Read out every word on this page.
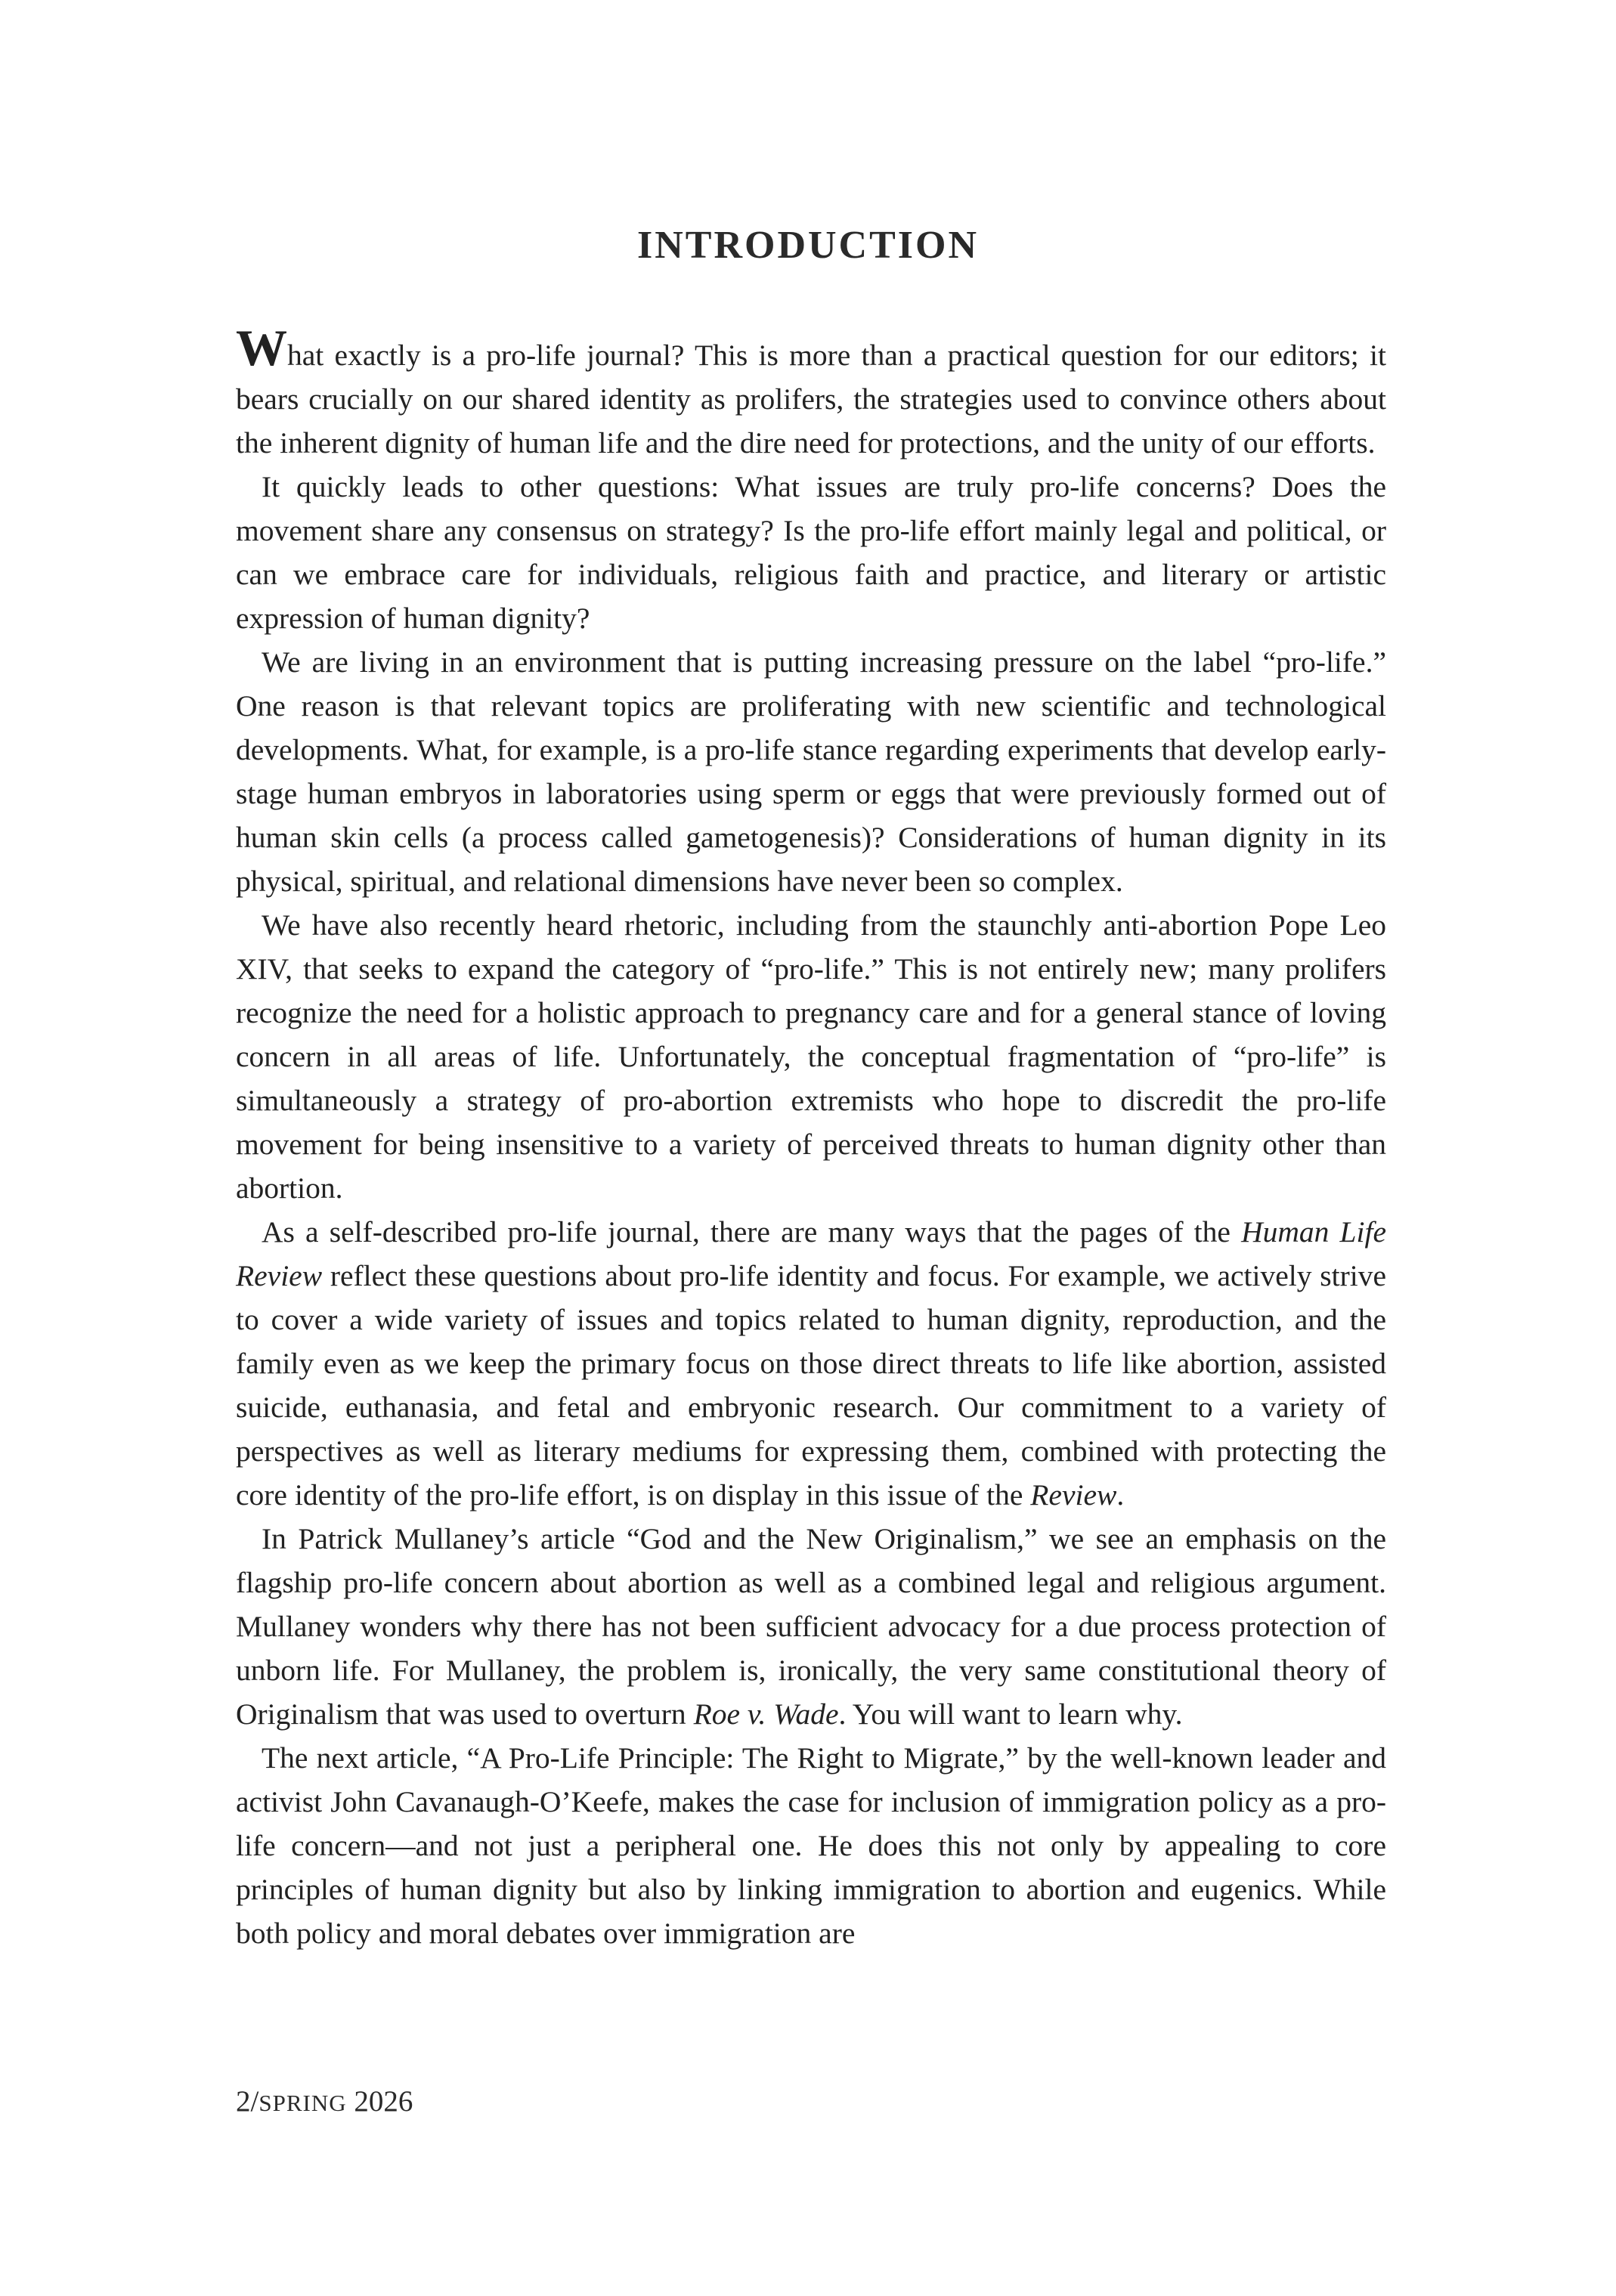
INTRODUCTION

What exactly is a pro-life journal? This is more than a practical question for our editors; it bears crucially on our shared identity as prolifers, the strategies used to convince others about the inherent dignity of human life and the dire need for protections, and the unity of our efforts.

It quickly leads to other questions: What issues are truly pro-life concerns? Does the movement share any consensus on strategy? Is the pro-life effort mainly legal and political, or can we embrace care for individuals, religious faith and practice, and literary or artistic expression of human dignity?

We are living in an environment that is putting increasing pressure on the label “pro-life.” One reason is that relevant topics are proliferating with new scientific and technological developments. What, for example, is a pro-life stance regarding experiments that develop early-stage human embryos in laboratories using sperm or eggs that were previously formed out of human skin cells (a process called gametogenesis)? Considerations of human dignity in its physical, spiritual, and relational dimensions have never been so complex.

We have also recently heard rhetoric, including from the staunchly anti-abortion Pope Leo XIV, that seeks to expand the category of “pro-life.” This is not entirely new; many prolifers recognize the need for a holistic approach to pregnancy care and for a general stance of loving concern in all areas of life. Unfortunately, the conceptual fragmentation of “pro-life” is simultaneously a strategy of pro-abortion extremists who hope to discredit the pro-life movement for being insensitive to a variety of perceived threats to human dignity other than abortion.

As a self-described pro-life journal, there are many ways that the pages of the Human Life Review reflect these questions about pro-life identity and focus. For example, we actively strive to cover a wide variety of issues and topics related to human dignity, reproduction, and the family even as we keep the primary focus on those direct threats to life like abortion, assisted suicide, euthanasia, and fetal and embryonic research. Our commitment to a variety of perspectives as well as literary mediums for expressing them, combined with protecting the core identity of the pro-life effort, is on display in this issue of the Review.

In Patrick Mullaney’s article “God and the New Originalism,” we see an emphasis on the flagship pro-life concern about abortion as well as a combined legal and religious argument. Mullaney wonders why there has not been sufficient advocacy for a due process protection of unborn life. For Mullaney, the problem is, ironically, the very same constitutional theory of Originalism that was used to overturn Roe v. Wade. You will want to learn why.

The next article, “A Pro-Life Principle: The Right to Migrate,” by the well-known leader and activist John Cavanaugh-O’Keefe, makes the case for inclusion of immigration policy as a pro-life concern—and not just a peripheral one. He does this not only by appealing to core principles of human dignity but also by linking immigration to abortion and eugenics. While both policy and moral debates over immigration are

2/SPRING 2026
